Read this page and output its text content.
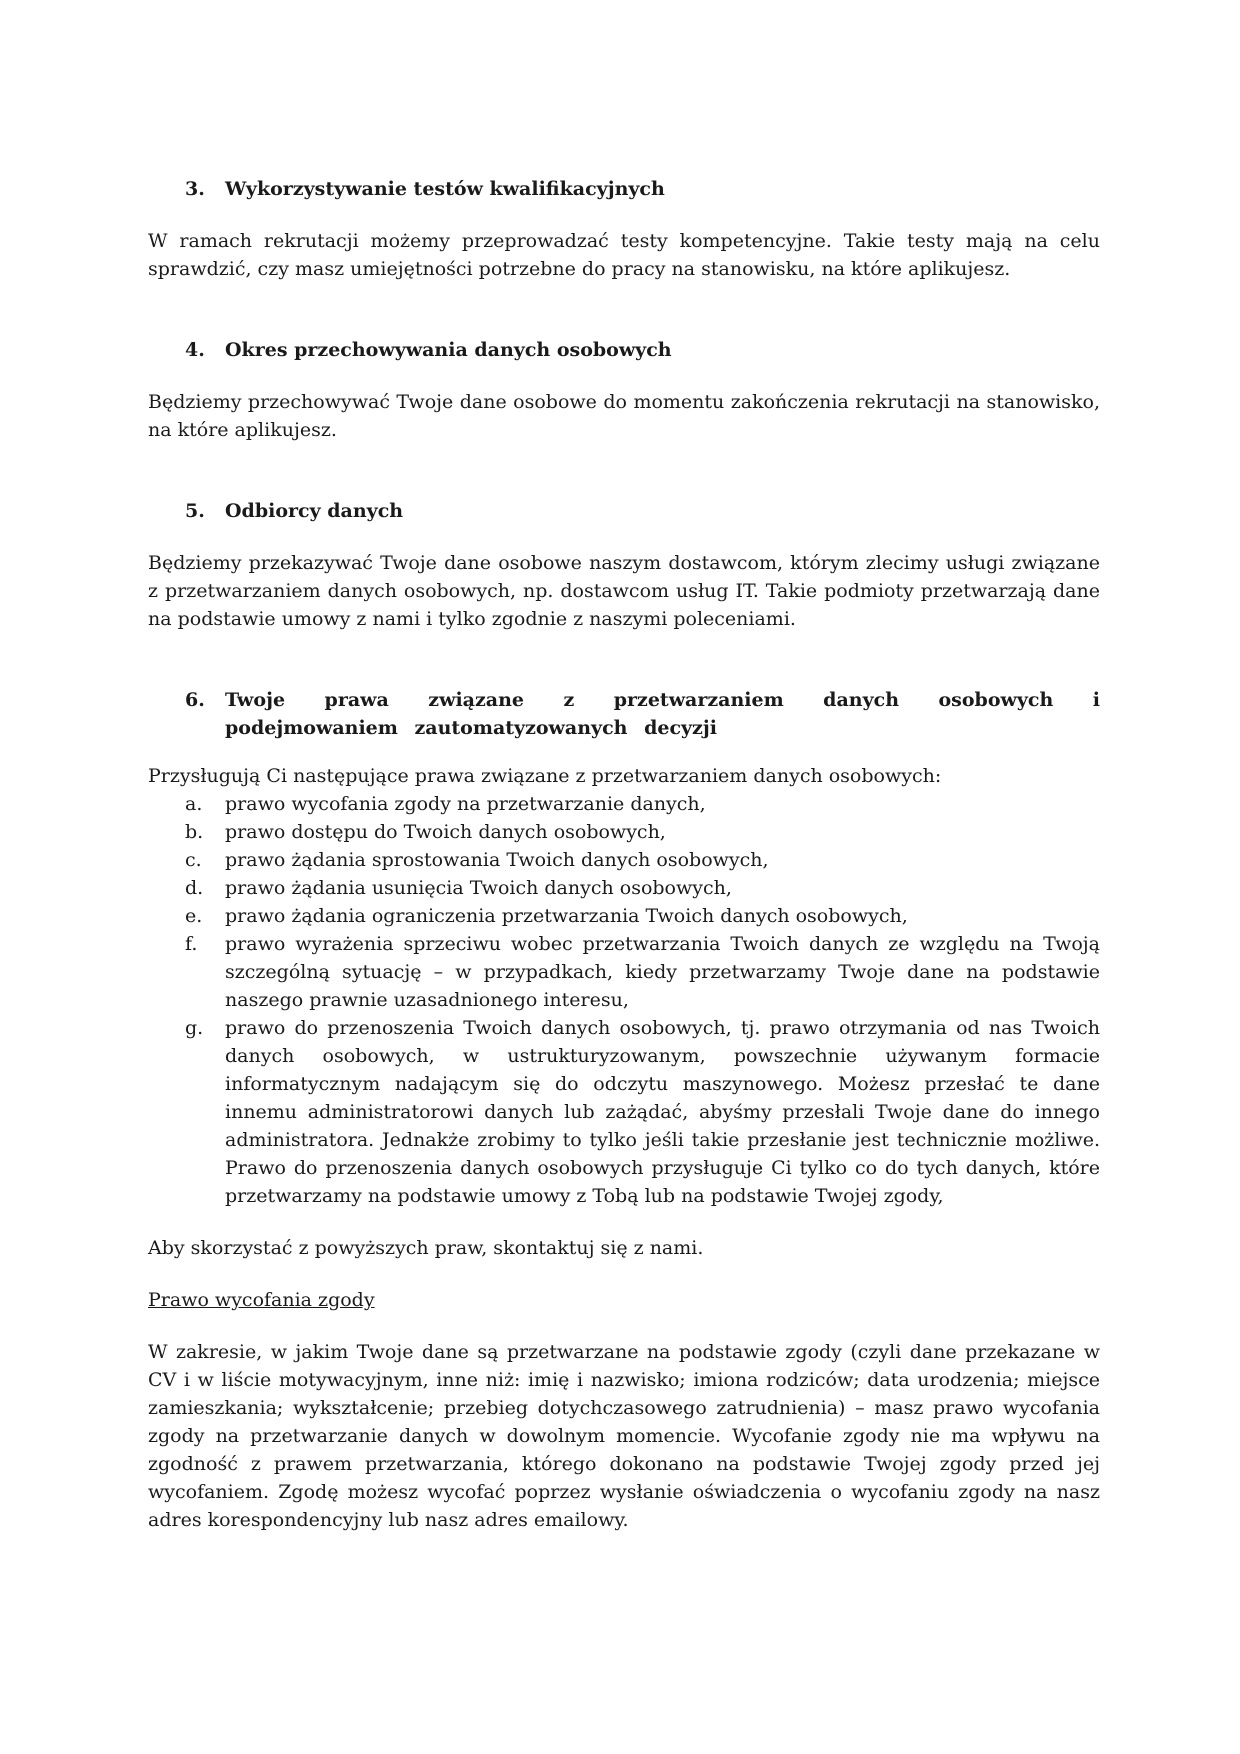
3.	Wykorzystywanie testów kwalifikacyjnych

W ramach rekrutacji możemy przeprowadzać testy kompetencyjne. Takie testy mają na celu sprawdzić, czy masz umiejętności potrzebne do pracy na stanowisku, na które aplikujesz.

4.	Okres przechowywania danych osobowych

Będziemy przechowywać Twoje dane osobowe do momentu zakończenia rekrutacji na stanowisko, na które aplikujesz.

5.	Odbiorcy danych

Będziemy przekazywać Twoje dane osobowe naszym dostawcom, którym zlecimy usługi związane z przetwarzaniem danych osobowych, np. dostawcom usług IT. Takie podmioty przetwarzają dane na podstawie umowy z nami i tylko zgodnie z naszymi poleceniami.

6.	Twoje prawa związane z przetwarzaniem danych osobowych i podejmowaniem zautomatyzowanych decyzji

Przysługują Ci następujące prawa związane z przetwarzaniem danych osobowych:

a.	prawo wycofania zgody na przetwarzanie danych,
b.	prawo dostępu do Twoich danych osobowych,
c.	prawo żądania sprostowania Twoich danych osobowych,
d.	prawo żądania usunięcia Twoich danych osobowych,
e.	prawo żądania ograniczenia przetwarzania Twoich danych osobowych,
f.	prawo wyrażenia sprzeciwu wobec przetwarzania Twoich danych ze względu na Twoją szczególną sytuację – w przypadkach, kiedy przetwarzamy Twoje dane na podstawie naszego prawnie uzasadnionego interesu,
g.	prawo do przenoszenia Twoich danych osobowych, tj. prawo otrzymania od nas Twoich danych osobowych, w ustrukturyzowanym, powszechnie używanym formacie informatycznym nadającym się do odczytu maszynowego. Możesz przesłać te dane innemu administratorowi danych lub zażądać, abyśmy przesłali Twoje dane do innego administratora. Jednakże zrobimy to tylko jeśli takie przesłanie jest technicznie możliwe. Prawo do przenoszenia danych osobowych przysługuje Ci tylko co do tych danych, które przetwarzamy na podstawie umowy z Tobą lub na podstawie Twojej zgody,

Aby skorzystać z powyższych praw, skontaktuj się z nami.

Prawo wycofania zgody

W zakresie, w jakim Twoje dane są przetwarzane na podstawie zgody (czyli dane przekazane w CV i w liście motywacyjnym, inne niż: imię i nazwisko; imiona rodziców; data urodzenia; miejsce zamieszkania; wykształcenie; przebieg dotychczasowego zatrudnienia) – masz prawo wycofania zgody na przetwarzanie danych w dowolnym momencie. Wycofanie zgody nie ma wpływu na zgodność z prawem przetwarzania, którego dokonano na podstawie Twojej zgody przed jej wycofaniem. Zgodę możesz wycofać poprzez wysłanie oświadczenia o wycofaniu zgody na nasz adres korespondencyjny lub nasz adres emailowy.
